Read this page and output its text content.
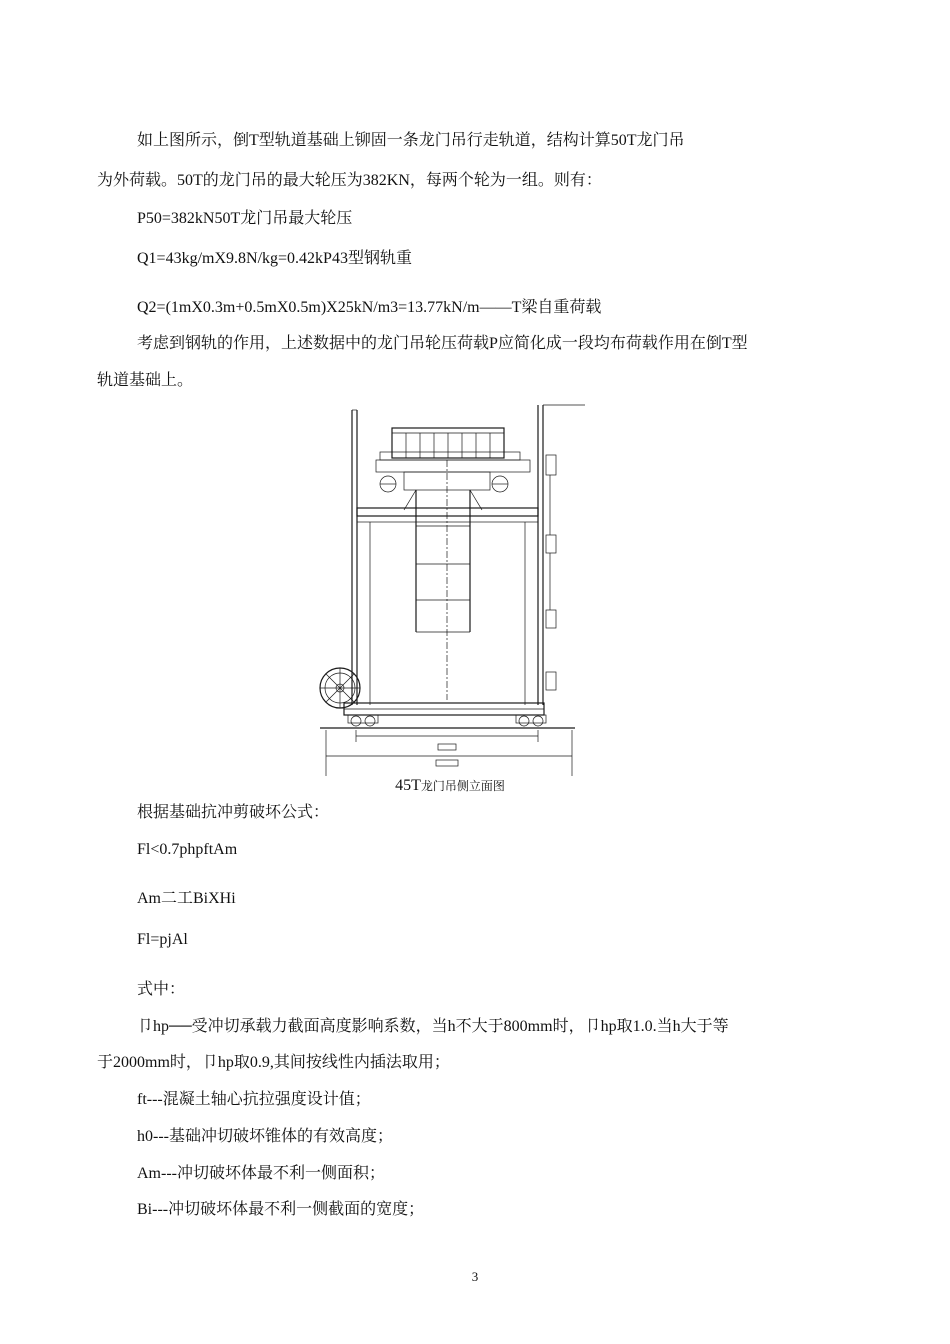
如上图所示，倒T型轨道基础上铆固一条龙门吊行走轨道，结构计算50T龙门吊

为外荷载。50T的龙门吊的最大轮压为382KN，每两个轮为一组。则有：

P50=382kN50T龙门吊最大轮压

Q1=43kg/mX9.8N/kg=0.42kP43型钢轨重

Q2=(1mX0.3m+0.5mX0.5m)X25kN/m3=13.77kN/m——T梁自重荷载

考虑到钢轨的作用，上述数据中的龙门吊轮压荷载P应简化成一段均布荷载作用在倒T型

轨道基础上。

45T龙门吊侧立面图

根据基础抗冲剪破坏公式：

Fl<0.7phpftAm

Am二工BiXHi

Fl=pjAl

式中：

卩hp──受冲切承载力截面高度影响系数，当h不大于800mm时，卩hp取1.0.当h大于等

于2000mm时，卩hp取0.9,其间按线性内插法取用；

ft---混凝土轴心抗拉强度设计值；

h0---基础冲切破坏锥体的有效高度；

Am---冲切破坏体最不利一侧面积；

Bi---冲切破坏体最不利一侧截面的宽度；

3
